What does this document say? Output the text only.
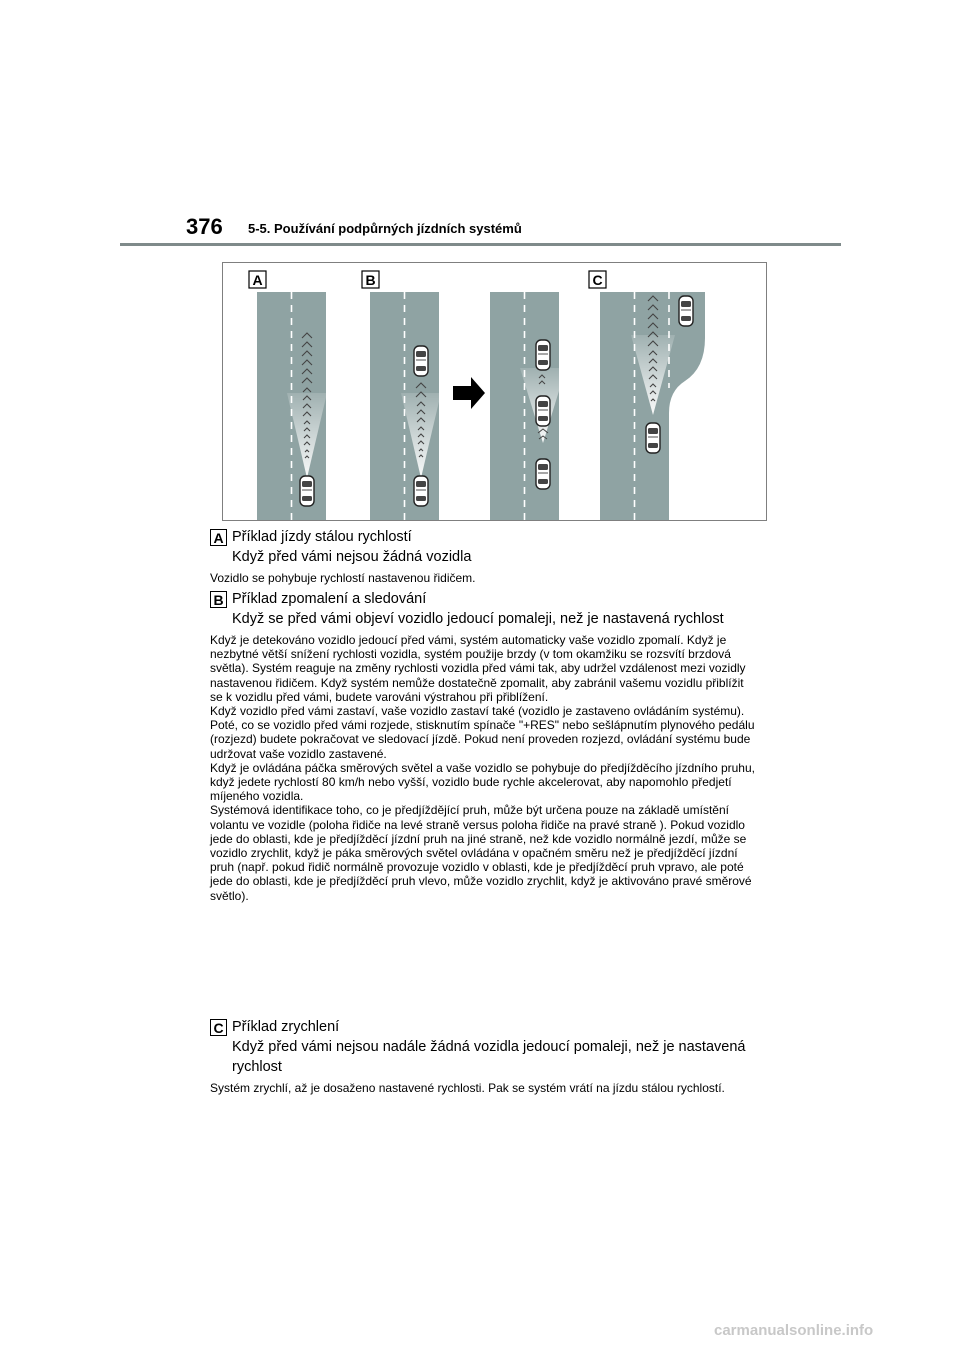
376 5-5. Používání podpůrných jízdních systémů
A	B	C
A Příklad jízdy stálou rychlostí
Když před vámi nejsou žádná vozidla

Vozidlo se pohybuje rychlostí nastavenou řidičem.

B Příklad zpomalení a sledování
Když se před vámi objeví vozidlo jedoucí pomaleji, než je nastavená rychlost

Když je detekováno vozidlo jedoucí před vámi, systém automaticky vaše vozidlo zpomalí. Když je nezbytné větší snížení rychlosti vozidla, systém použije brzdy (v tom okamžiku se rozsvítí brzdová světla). Systém reaguje na změny rychlosti vozidla před vámi tak, aby udržel vzdálenost mezi vozidly nastavenou řidičem. Když systém nemůže dostatečně zpomalit, aby zabránil vašemu vozidlu přiblížit se k vozidlu před vámi, budete varováni výstrahou při přiblížení.

Když vozidlo před vámi zastaví, vaše vozidlo zastaví také (vozidlo je zastaveno ovládáním systému). Poté, co se vozidlo před vámi rozjede, stisknutím spínače "+RES" nebo sešlápnutím plynového pedálu (rozjezd) budete pokračovat ve sledovací jízdě. Pokud není proveden rozjezd, ovládání systému bude udržovat vaše vozidlo zastavené.

Když je ovládána páčka směrových světel a vaše vozidlo se pohybuje do předjížděcího jízdního pruhu, když jedete rychlostí 80 km/h nebo vyšší, vozidlo bude rychle akcelerovat, aby napomohlo předjetí míjeného vozidla.

Systémová identifikace toho, co je předjíždějící pruh, může být určena pouze na základě umístění volantu ve vozidle (poloha řidiče na levé straně versus poloha řidiče na pravé straně ). Pokud vozidlo jede do oblasti, kde je předjížděcí jízdní pruh na jiné straně, než kde vozidlo normálně jezdí, může se vozidlo zrychlit, když je páka směrových světel ovládána v opačném směru než je předjížděcí jízdní pruh (např. pokud řidič normálně provozuje vozidlo v oblasti, kde je předjížděcí pruh vpravo, ale poté jede do oblasti, kde je předjížděcí pruh vlevo, může vozidlo zrychlit, když je aktivováno pravé směrové světlo).

C Příklad zrychlení
Když před vámi nejsou nadále žádná vozidla jedoucí pomaleji, než je nastavená rychlost

Systém zrychlí, až je dosaženo nastavené rychlosti. Pak se systém vrátí na jízdu stálou rychlostí.

carmanualsonline.info
